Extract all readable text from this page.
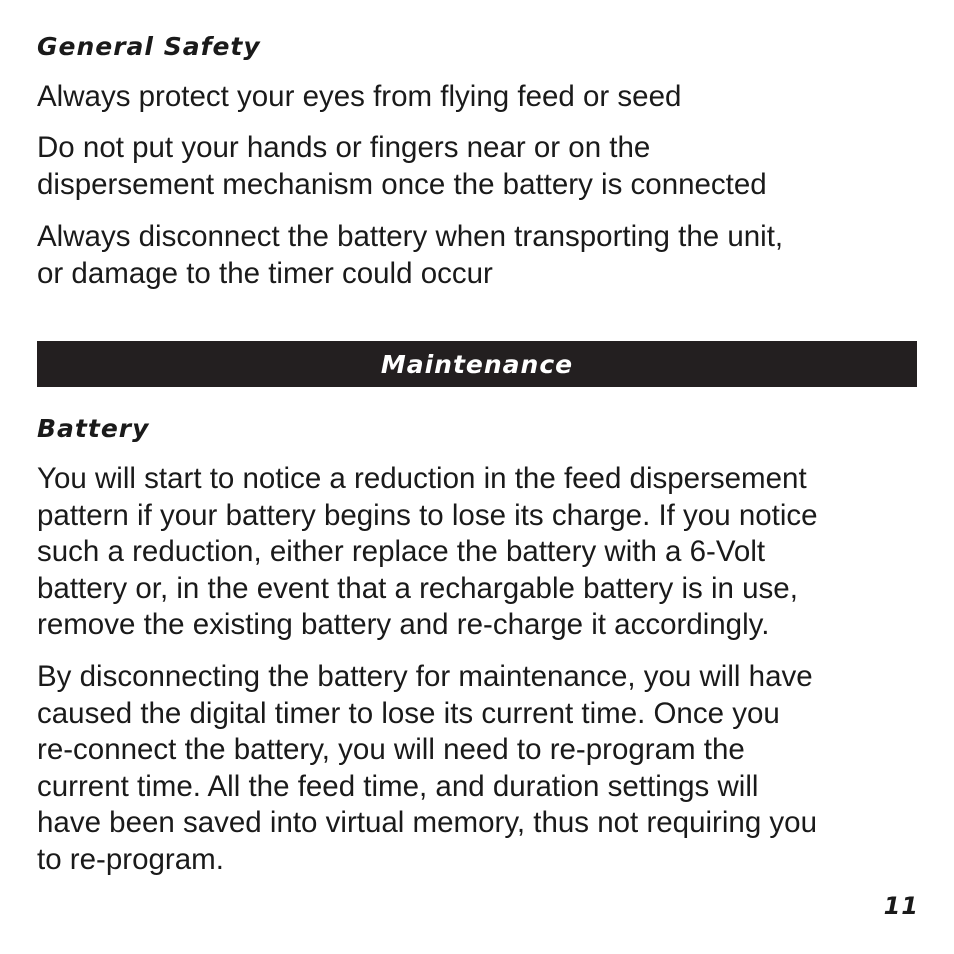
General Safety

Always protect your eyes from flying feed or seed

Do not put your hands or fingers near or on the
dispersement mechanism once the battery is connected

Always disconnect the battery when transporting the unit,
or damage to the timer could occur

Maintenance
Battery

You will start to notice a reduction in the feed dispersement
pattern if your battery begins to lose its charge. If you notice
such a reduction, either replace the battery with a 6-Volt
battery or, in the event that a rechargable battery is in use,
remove the existing battery and re-charge it accordingly.

By disconnecting the battery for maintenance, you will have
caused the digital timer to lose its current time. Once you
re-connect the battery, you will need to re-program the
current time. All the feed time, and duration settings will
have been saved into virtual memory, thus not requiring you
to re-program.

11
